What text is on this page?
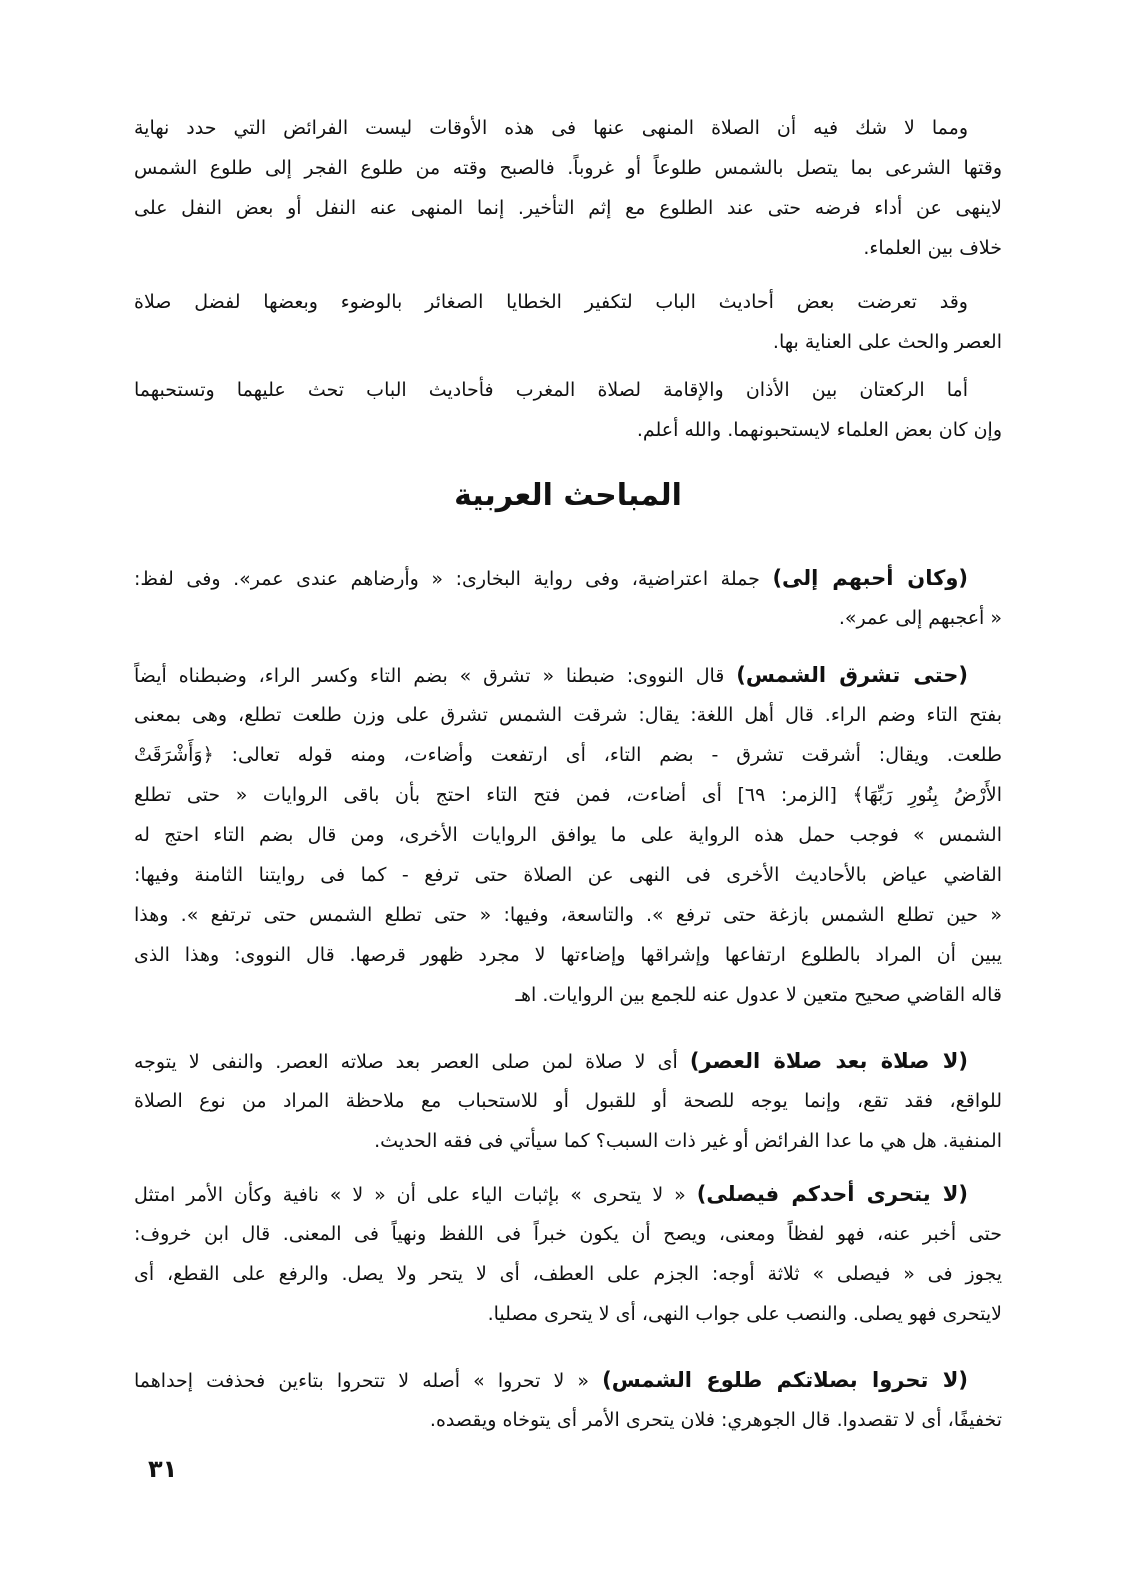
ومما لا شك فيه أن الصلاة المنهى عنها فى هذه الأوقات ليست الفرائض التي حدد نهاية
وقتها الشرعى بما يتصل بالشمس طلوعاً أو غروباً. فالصبح وقته من طلوع الفجر إلى طلوع الشمس
لاينهى عن أداء فرضه حتى عند الطلوع مع إثم التأخير. إنما المنهى عنه النفل أو بعض النفل على
خلاف بين العلماء.
وقد تعرضت بعض أحاديث الباب لتكفير الخطايا الصغائر بالوضوء وبعضها لفضل صلاة
العصر والحث على العناية بها.
أما الركعتان بين الأذان والإقامة لصلاة المغرب فأحاديث الباب تحث عليهما وتستحبهما
وإن كان بعض العلماء لايستحبونهما. والله أعلم.
المباحث العربية
(وكان أحبهم إلى) جملة اعتراضية، وفى رواية البخارى: « وأرضاهم عندى عمر». وفى لفظ:
« أعجبهم إلى عمر».
(حتى تشرق الشمس) قال النووى: ضبطنا « تشرق » بضم التاء وكسر الراء، وضبطناه أيضاً
بفتح التاء وضم الراء. قال أهل اللغة: يقال: شرقت الشمس تشرق على وزن طلعت تطلع، وهى بمعنى
طلعت. ويقال: أشرقت تشرق - بضم التاء، أى ارتفعت وأضاءت، ومنه قوله تعالى: ﴿وَأَشْرَقَتْ
الأَرْضُ بِنُورِ رَبِّهَا﴾ [الزمر: ٦٩] أى أضاءت، فمن فتح التاء احتج بأن باقى الروايات « حتى تطلع
الشمس » فوجب حمل هذه الرواية على ما يوافق الروايات الأخرى، ومن قال بضم التاء احتج له
القاضي عياض بالأحاديث الأخرى فى النهى عن الصلاة حتى ترفع - كما فى روايتنا الثامنة وفيها:
« حين تطلع الشمس بازغة حتى ترفع ». والتاسعة، وفيها: « حتى تطلع الشمس حتى ترتفع ». وهذا
يبين أن المراد بالطلوع ارتفاعها وإشراقها وإضاءتها لا مجرد ظهور قرصها. قال النووى: وهذا الذى
قاله القاضي صحيح متعين لا عدول عنه للجمع بين الروايات. اهـ
(لا صلاة بعد صلاة العصر) أى لا صلاة لمن صلى العصر بعد صلاته العصر. والنفى لا يتوجه
للواقع، فقد تقع، وإنما يوجه للصحة أو للقبول أو للاستحباب مع ملاحظة المراد من نوع الصلاة
المنفية. هل هي ما عدا الفرائض أو غير ذات السبب؟ كما سيأتي فى فقه الحديث.
(لا يتحرى أحدكم فيصلى) « لا يتحرى » بإثبات الياء على أن « لا » نافية وكأن الأمر امتثل
حتى أخبر عنه، فهو لفظاً ومعنى، ويصح أن يكون خبراً فى اللفظ ونهياً فى المعنى. قال ابن خروف:
يجوز فى « فيصلى » ثلاثة أوجه: الجزم على العطف، أى لا يتحر ولا يصل. والرفع على القطع، أى
لايتحرى فهو يصلى. والنصب على جواب النهى، أى لا يتحرى مصليا.
(لا تحروا بصلاتكم طلوع الشمس) « لا تحروا » أصله لا تتحروا بتاءين فحذفت إحداهما
تخفيفًا، أى لا تقصدوا. قال الجوهري: فلان يتحرى الأمر أى يتوخاه ويقصده.
٣١
